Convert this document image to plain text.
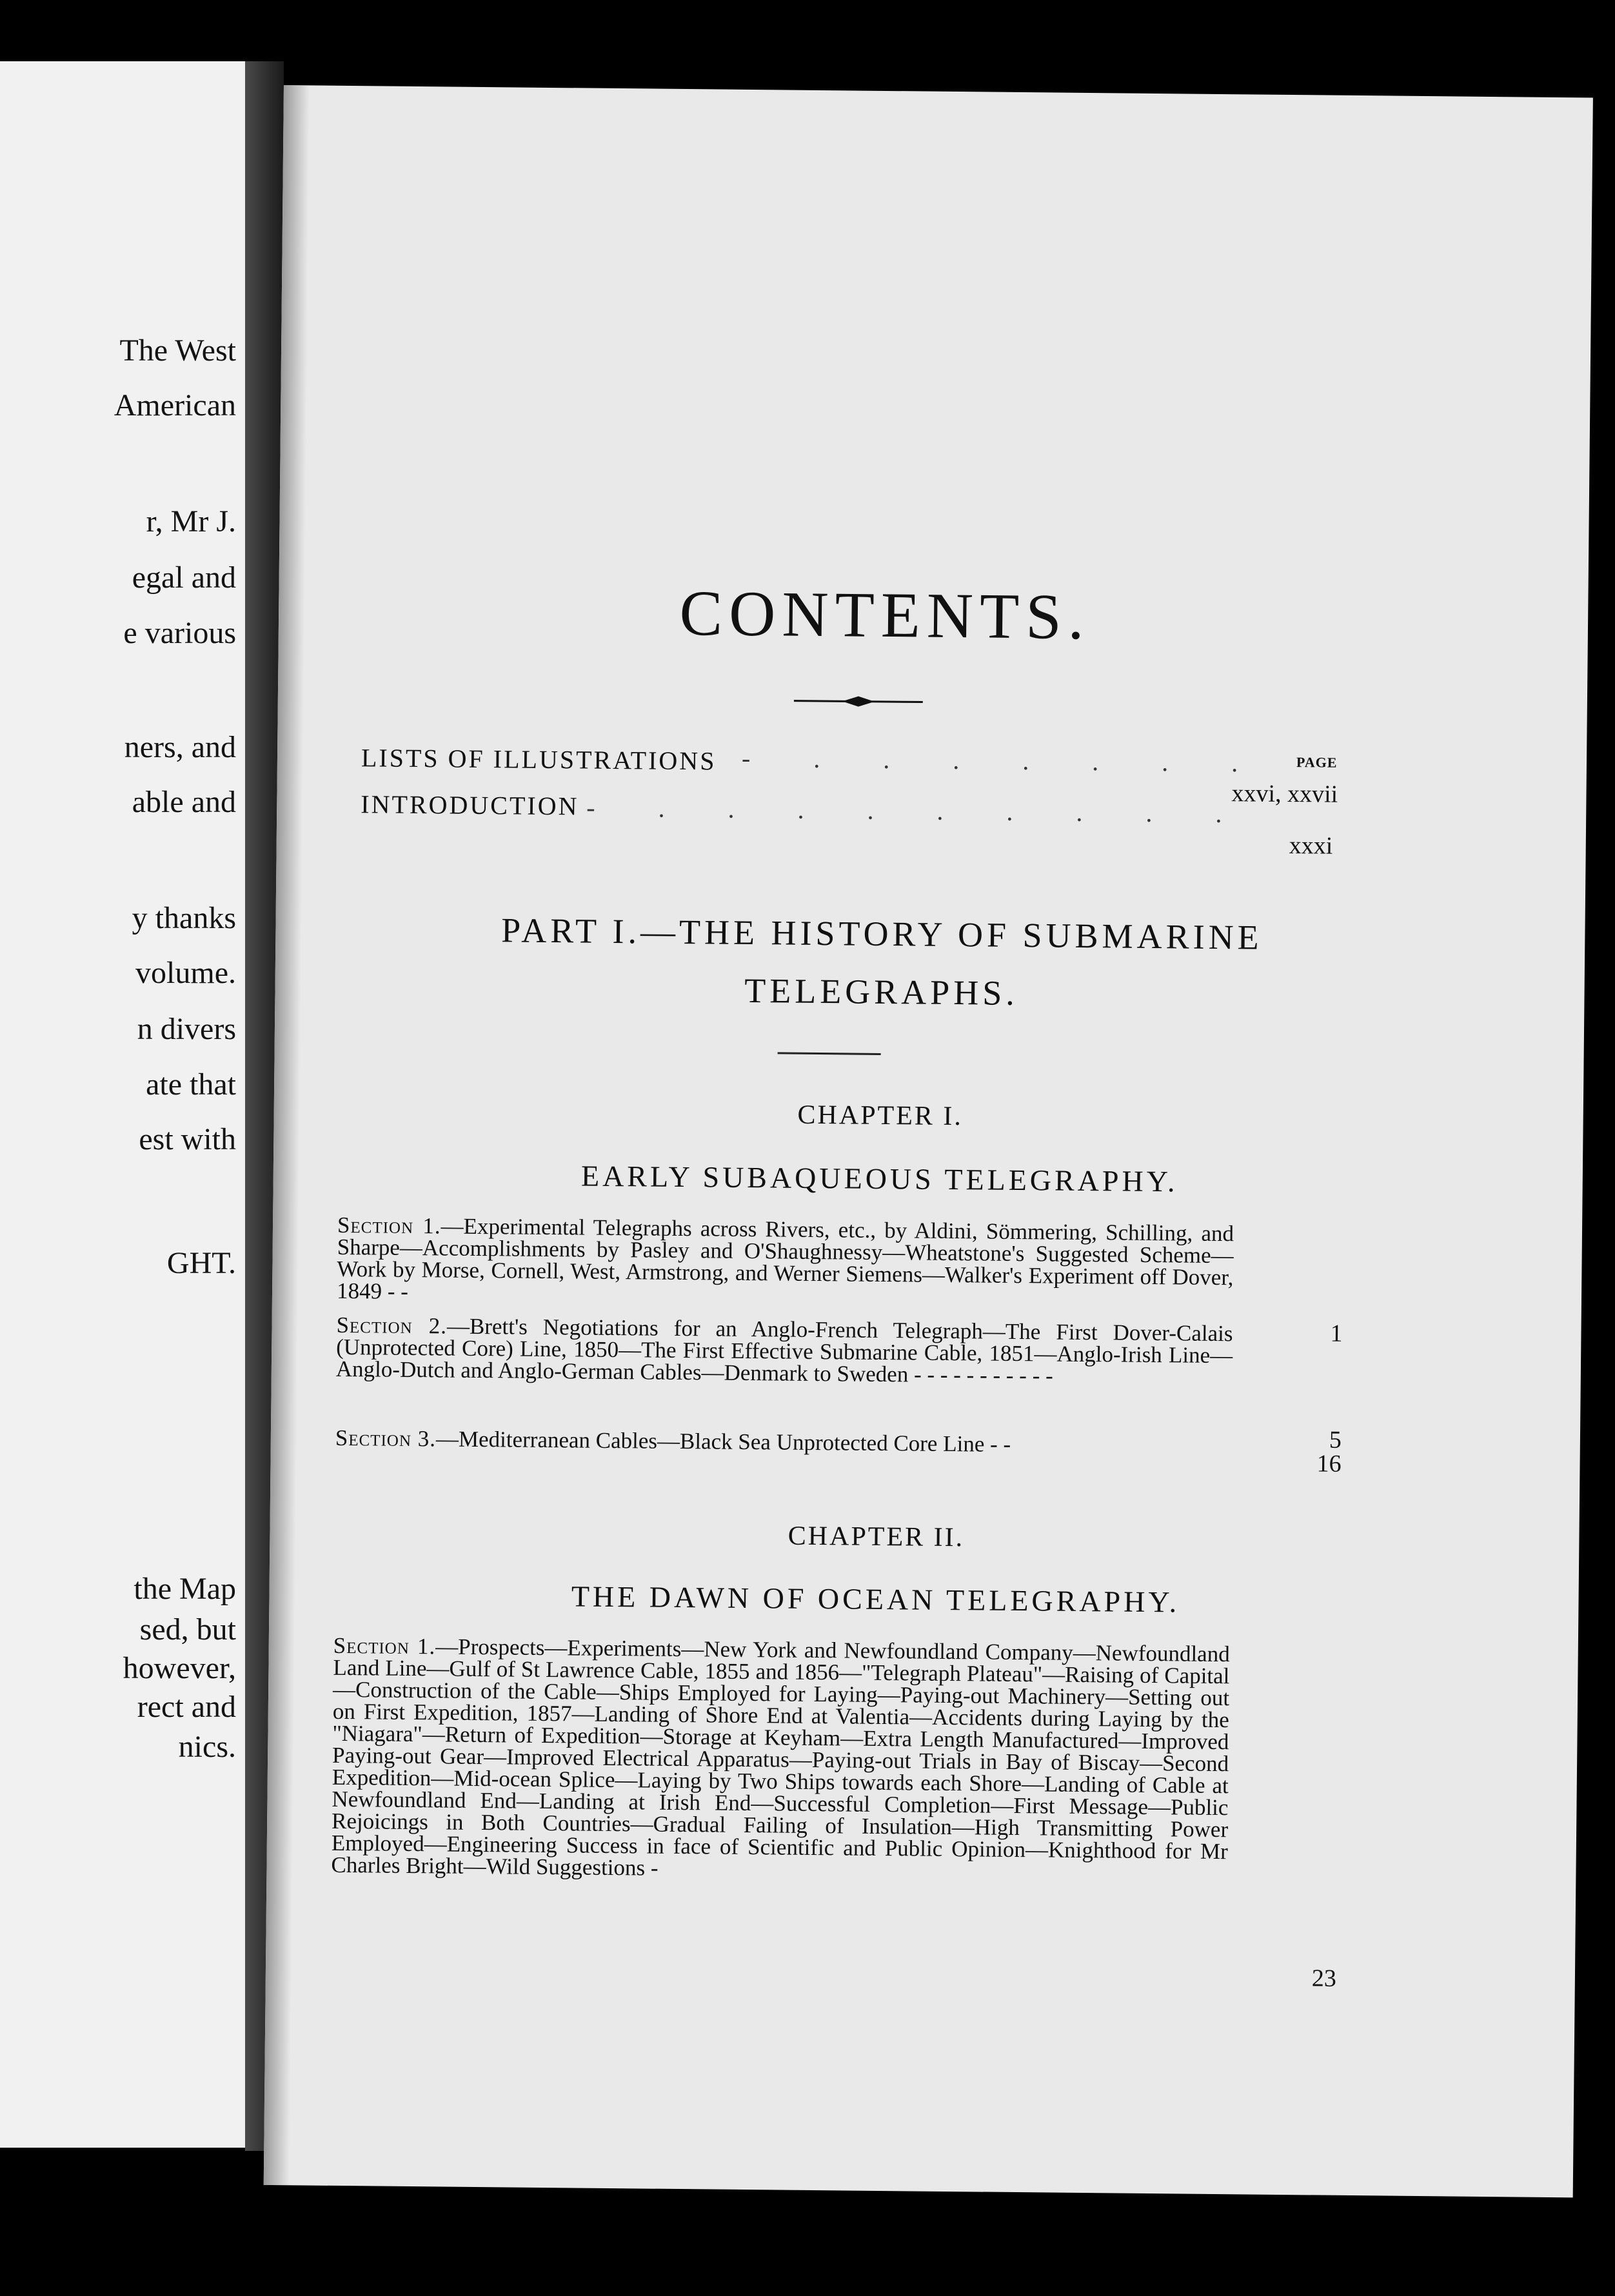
The West
American
r, Mr J.
egal and
e various
ners, and
able and
y thanks
volume.
n divers
ate that
est with
GHT.
the Map
sed, but
however,
rect and
nics.
CONTENTS.
PAGE
LISTS OF ILLUSTRATIONS - . . . . . . .
xxvi, xxvii
INTRODUCTION - . . . . . . . . .
xxxi
PART I.—THE HISTORY OF SUBMARINE
TELEGRAPHS.
CHAPTER I.
EARLY SUBAQUEOUS TELEGRAPHY.
Section 1.—Experimental Telegraphs across Rivers, etc., by Aldini, Sömmering, Schilling, and Sharpe—Accomplishments by Pasley and O'Shaughnessy—Wheatstone's Suggested Scheme—Work by Morse, Cornell, West, Armstrong, and Werner Siemens—Walker's Experiment off Dover, 1849 - -
1
Section 2.—Brett's Negotiations for an Anglo-French Telegraph—The First Dover-Calais (Unprotected Core) Line, 1850—The First Effective Submarine Cable, 1851—Anglo-Irish Line—Anglo-Dutch and Anglo-German Cables—Denmark to Sweden - - - - - - - - - - -
5
Section 3.—Mediterranean Cables—Black Sea Unprotected Core Line - -
16
CHAPTER II.
THE DAWN OF OCEAN TELEGRAPHY.
Section 1.—Prospects—Experiments—New York and Newfoundland Company—Newfoundland Land Line—Gulf of St Lawrence Cable, 1855 and 1856—"Telegraph Plateau"—Raising of Capital—Construction of the Cable—Ships Employed for Laying—Paying-out Machinery—Setting out on First Expedition, 1857—Landing of Shore End at Valentia—Accidents during Laying by the "Niagara"—Return of Expedition—Storage at Keyham—Extra Length Manufactured—Improved Paying-out Gear—Improved Electrical Apparatus—Paying-out Trials in Bay of Biscay—Second Expedition—Mid-ocean Splice—Laying by Two Ships towards each Shore—Landing of Cable at Newfoundland End—Landing at Irish End—Successful Completion—First Message—Public Rejoicings in Both Countries—Gradual Failing of Insulation—High Transmitting Power Employed—Engineering Success in face of Scientific and Public Opinion—Knighthood for Mr Charles Bright—Wild Suggestions -
23
